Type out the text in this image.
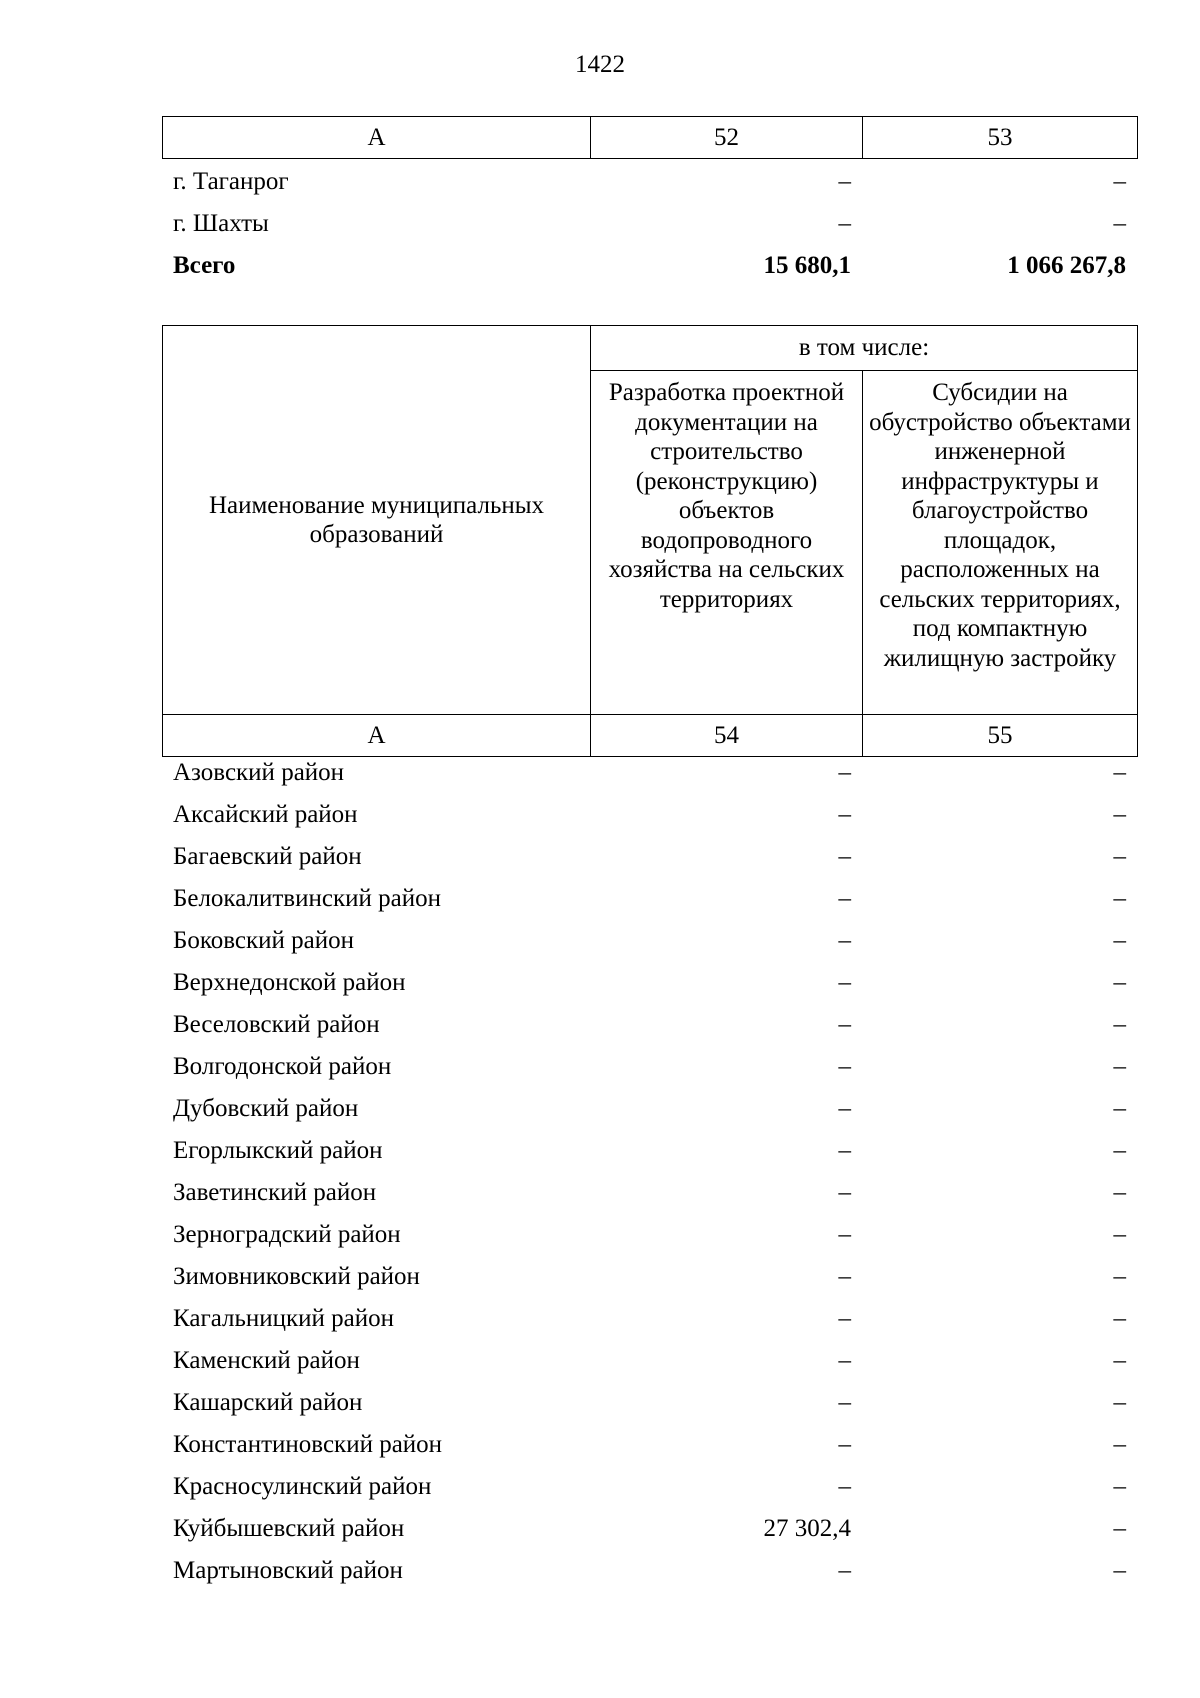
1422
А	52	53
г. Таганрог	–	–
г. Шахты	–	–
Всего	15 680,1	1 066 267,8
Наименование муниципальных образований	в том числе:	
	Разработка проектной документации на строительство (реконструкцию) объектов водопроводного хозяйства на сельских территориях	Субсидии на обустройство объектами инженерной инфраструктуры и благоустройство площадок, расположенных на сельских территориях, под компактную жилищную застройку
А	54	55
Азовский район	–	–
Аксайский район	–	–
Багаевский район	–	–
Белокалитвинский район	–	–
Боковский район	–	–
Верхнедонской район	–	–
Веселовский район	–	–
Волгодонской район	–	–
Дубовский район	–	–
Егорлыкский район	–	–
Заветинский район	–	–
Зерноградский район	–	–
Зимовниковский район	–	–
Кагальницкий район	–	–
Каменский район	–	–
Кашарский район	–	–
Константиновский район	–	–
Красносулинский район	–	–
Куйбышевский район	27 302,4	–
Мартыновский район	–	–
